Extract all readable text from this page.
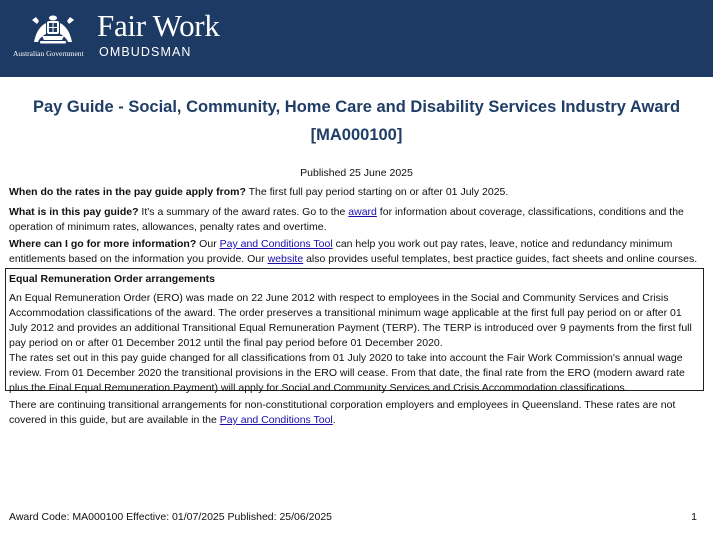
Australian Government
Fair Work
OMBUDSMAN
Pay Guide - Social, Community, Home Care and Disability Services Industry Award
[MA000100]
Published 25 June 2025

When do the rates in the pay guide apply from? The first full pay period starting on or after 01 July 2025.

What is in this pay guide? It's a summary of the award rates. Go to the award for information about coverage, classifications, conditions and the operation of minimum rates, allowances, penalty rates and overtime.

Where can I go for more information? Our Pay and Conditions Tool can help you work out pay rates, leave, notice and redundancy minimum entitlements based on the information you provide. Our website also provides useful templates, best practice guides, fact sheets and online courses.

Equal Remuneration Order arrangements

An Equal Remuneration Order (ERO) was made on 22 June 2012 with respect to employees in the Social and Community Services and Crisis Accommodation classifications of the award. The order preserves a transitional minimum wage applicable at the first full pay period on or after 01 July 2012 and provides an additional Transitional Equal Remuneration Payment (TERP). The TERP is introduced over 9 payments from the first full pay period on or after 01 December 2012 until the final pay period before 01 December 2020.

The rates set out in this pay guide changed for all classifications from 01 July 2020 to take into account the Fair Work Commission's annual wage review. From 01 December 2020 the transitional provisions in the ERO will cease. From that date, the final rate from the ERO (modern award rate plus the Final Equal Remuneration Payment) will apply for Social and Community Services and Crisis Accommodation classifications.

There are continuing transitional arrangements for non-constitutional corporation employers and employees in Queensland. These rates are not covered in this guide, but are available in the Pay and Conditions Tool.

Award Code: MA000100 Effective: 01/07/2025 Published: 25/06/2025	1
